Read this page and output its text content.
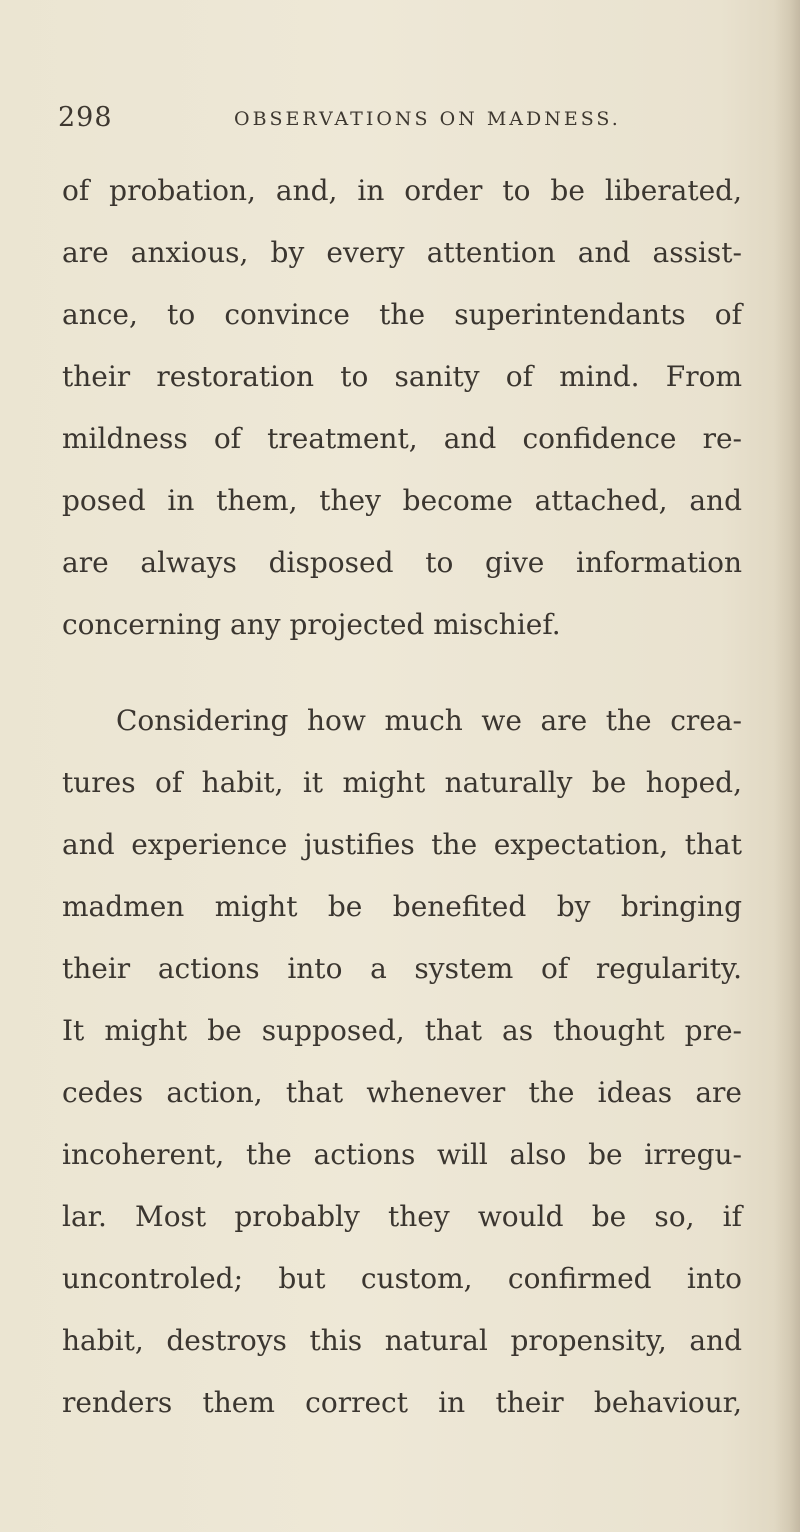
298	OBSERVATIONS ON MADNESS.
of probation, and, in order to be liberated,
are anxious, by every attention and assist-
ance, to convince the superintendants of
their restoration to sanity of mind. From
mildness of treatment, and confidence re-
posed in them, they become attached, and
are always disposed to give information
concerning any projected mischief.
Considering how much we are the crea-
tures of habit, it might naturally be hoped,
and experience justifies the expectation, that
madmen might be benefited by bringing
their actions into a system of regularity.
It might be supposed, that as thought pre-
cedes action, that whenever the ideas are
incoherent, the actions will also be irregu-
lar. Most probably they would be so, if
uncontroled; but custom, confirmed into
habit, destroys this natural propensity, and
renders them correct in their behaviour,
